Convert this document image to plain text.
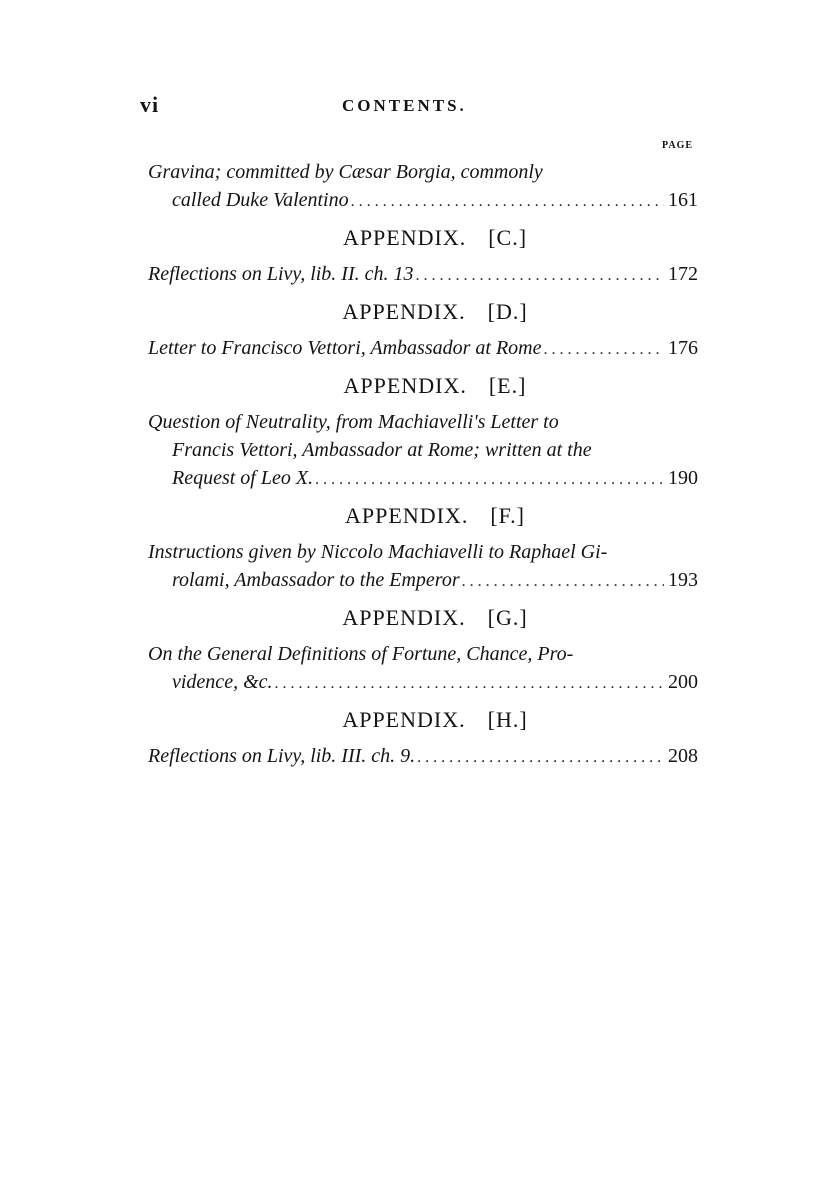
vi	CONTENTS.
PAGE
Gravina; committed by Cæsar Borgia, commonly
called Duke Valentino . . .	161
APPENDIX. [C.]
Reflections on Livy, lib. II. ch. 13 . . .	172
APPENDIX. [D.]
Letter to Francisco Vettori, Ambassador at Rome . . .	176
APPENDIX. [E.]
Question of Neutrality, from Machiavelli's Letter to
Francis Vettori, Ambassador at Rome; written at the
Request of Leo X. . . .	190
APPENDIX. [F.]
Instructions given by Niccolo Machiavelli to Raphael Gi-
rolami, Ambassador to the Emperor . . .	193
APPENDIX. [G.]
On the General Definitions of Fortune, Chance, Pro-
vidence, &c. . . .	200
APPENDIX. [H.]
Reflections on Livy, lib. III. ch. 9. . . .	208
